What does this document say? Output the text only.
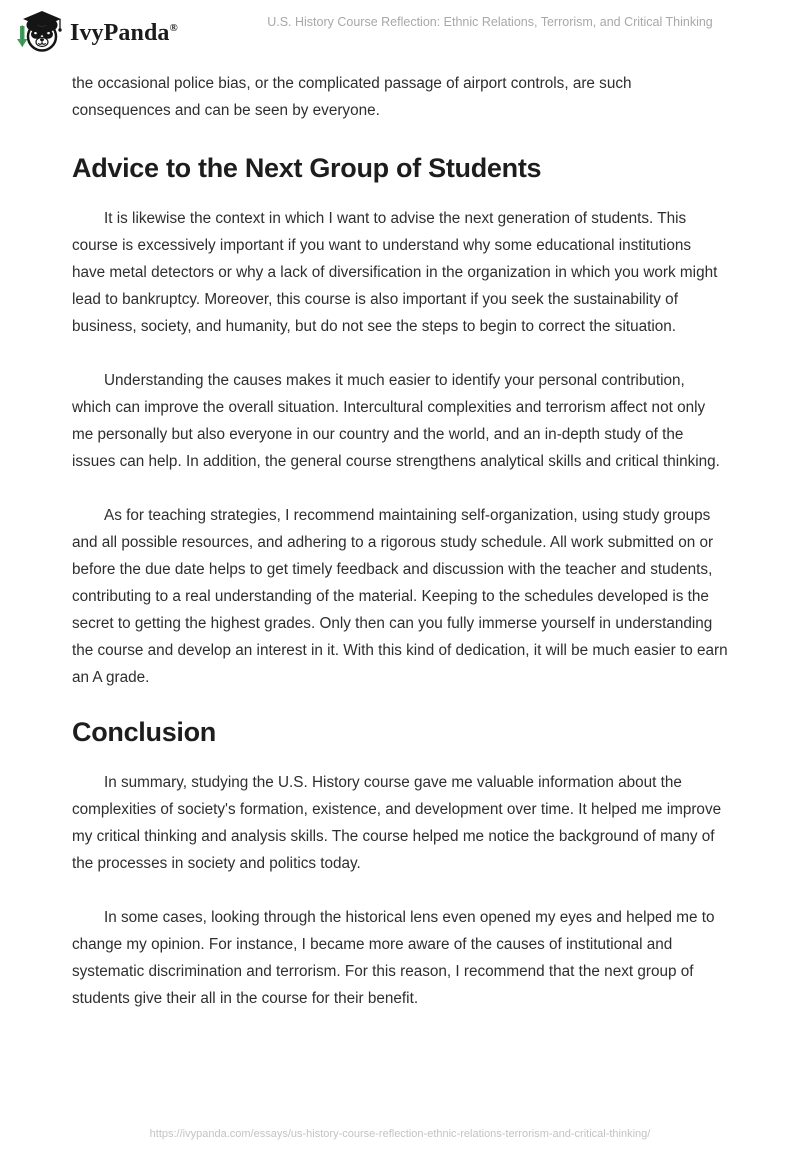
IvyPanda®	U.S. History Course Reflection: Ethnic Relations, Terrorism, and Critical Thinking

the occasional police bias, or the complicated passage of airport controls, are such consequences and can be seen by everyone.

Advice to the Next Group of Students

It is likewise the context in which I want to advise the next generation of students. This course is excessively important if you want to understand why some educational institutions have metal detectors or why a lack of diversification in the organization in which you work might lead to bankruptcy. Moreover, this course is also important if you seek the sustainability of business, society, and humanity, but do not see the steps to begin to correct the situation.

Understanding the causes makes it much easier to identify your personal contribution, which can improve the overall situation. Intercultural complexities and terrorism affect not only me personally but also everyone in our country and the world, and an in-depth study of the issues can help. In addition, the general course strengthens analytical skills and critical thinking.

As for teaching strategies, I recommend maintaining self-organization, using study groups and all possible resources, and adhering to a rigorous study schedule. All work submitted on or before the due date helps to get timely feedback and discussion with the teacher and students, contributing to a real understanding of the material. Keeping to the schedules developed is the secret to getting the highest grades. Only then can you fully immerse yourself in understanding the course and develop an interest in it. With this kind of dedication, it will be much easier to earn an A grade.

Conclusion

In summary, studying the U.S. History course gave me valuable information about the complexities of society's formation, existence, and development over time. It helped me improve my critical thinking and analysis skills. The course helped me notice the background of many of the processes in society and politics today.

In some cases, looking through the historical lens even opened my eyes and helped me to change my opinion. For instance, I became more aware of the causes of institutional and systematic discrimination and terrorism. For this reason, I recommend that the next group of students give their all in the course for their benefit.

https://ivypanda.com/essays/us-history-course-reflection-ethnic-relations-terrorism-and-critical-thinking/
